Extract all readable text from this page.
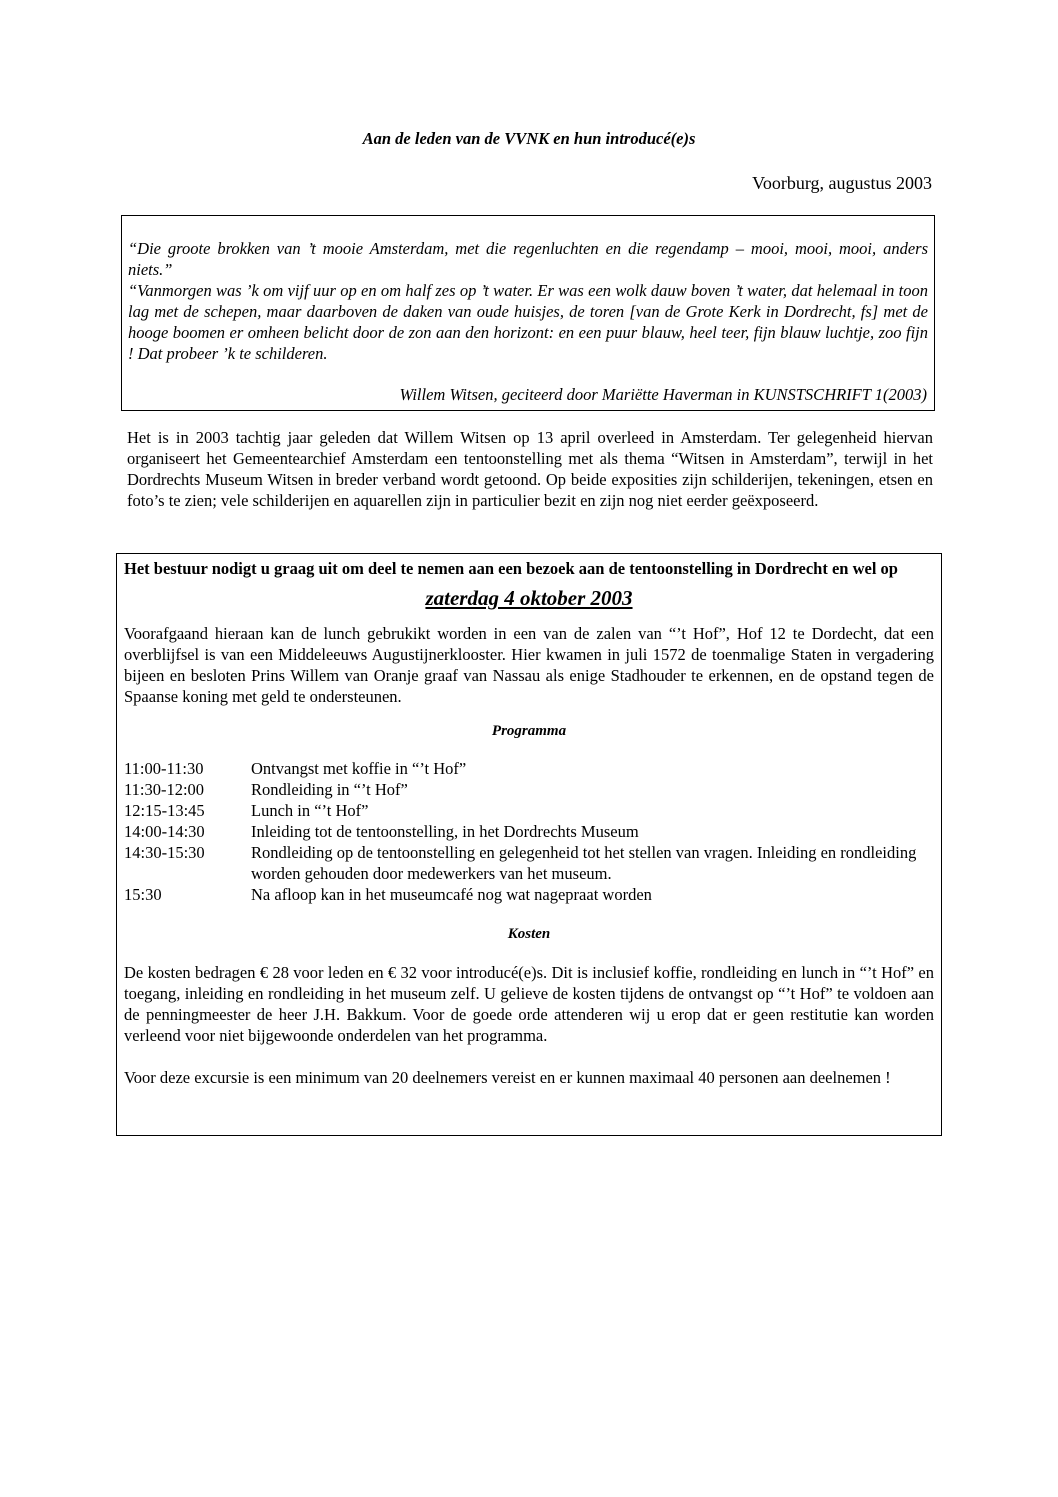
Aan de leden van de VVNK en hun introducé(e)s
Voorburg, augustus 2003

“Die groote brokken van ’t mooie Amsterdam, met die regenluchten en die regendamp – mooi, mooi, mooi, anders niets.”

“Vanmorgen was ’k om vijf uur op en om half zes op ’t water. Er was een wolk dauw boven ’t water, dat helemaal in toon lag met de schepen, maar daarboven de daken van oude huisjes, de toren [van de Grote Kerk in Dordrecht, fs] met de hooge boomen er omheen belicht door de zon aan den horizont: en een puur blauw, heel teer, fijn blauw luchtje, zoo fijn ! Dat probeer ’k te schilderen.

Willem Witsen, geciteerd door Mariëtte Haverman in KUNSTSCHRIFT 1(2003)

Het is in 2003 tachtig jaar geleden dat Willem Witsen op 13 april overleed in Amsterdam. Ter gelegenheid hiervan organiseert het Gemeentearchief Amsterdam een tentoonstelling met als thema “Witsen in Amsterdam”, terwijl in het Dordrechts Museum Witsen in breder verband wordt getoond. Op beide exposities zijn schilderijen, tekeningen, etsen en foto’s te zien; vele schilderijen en aquarellen zijn in particulier bezit en zijn nog niet eerder geëxposeerd.

Het bestuur nodigt u graag uit om deel te nemen aan een bezoek aan de tentoonstelling in Dordrecht en wel op

zaterdag 4 oktober 2003

Voorafgaand hieraan kan de lunch gebrukikt worden in een van de zalen van “’t Hof”, Hof 12 te Dordecht, dat een overblijfsel is van een Middeleeuws Augustijnerklooster. Hier kwamen in juli 1572 de toenmalige Staten in vergadering bijeen en besloten Prins Willem van Oranje graaf van Nassau als enige Stadhouder te erkennen, en de opstand tegen de Spaanse koning met geld te ondersteunen.

Programma
11:00-11:30	Ontvangst met koffie in “’t Hof”
11:30-12:00	Rondleiding in “’t Hof”
12:15-13:45	Lunch in “’t Hof”
14:00-14:30	Inleiding tot de tentoonstelling, in het Dordrechts Museum
14:30-15:30	Rondleiding op de tentoonstelling en gelegenheid tot het stellen van vragen. Inleiding en rondleiding worden gehouden door medewerkers van het museum.
15:30	Na afloop kan in het museumcafé nog wat nagepraat worden
Kosten

De kosten bedragen € 28 voor leden en € 32 voor introducé(e)s. Dit is inclusief koffie, rondleiding en lunch in “’t Hof” en toegang, inleiding en rondleiding in het museum zelf. U gelieve de kosten tijdens de ontvangst op “’t Hof” te voldoen aan de penningmeester de heer J.H. Bakkum. Voor de goede orde attenderen wij u erop dat er geen restitutie kan worden verleend voor niet bijgewoonde onderdelen van het programma.

Voor deze excursie is een minimum van 20 deelnemers vereist en er kunnen maximaal 40 personen aan deelnemen !
